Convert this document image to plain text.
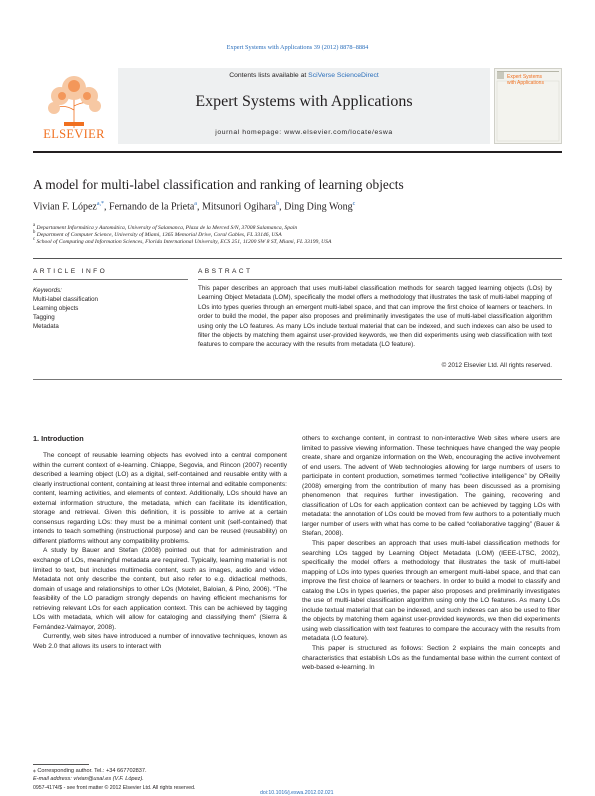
Expert Systems with Applications 39 (2012) 8878–8884
ELSEVIER
Contents lists available at SciVerse ScienceDirect
Expert Systems with Applications
journal homepage: www.elsevier.com/locate/eswa
Expert Systems with Applications
A model for multi-label classification and ranking of learning objects
Vivian F. López$^{a,*}$, Fernando de la Prieta$^a$, Mitsunori Ogihara$^b$, Ding Ding Wong$^c$
$^a$ Departament Informática y Automática, University of Salamanca, Plaza de la Merced S/N, 37008 Salamanca, Spain
$^b$ Department of Computer Science, University of Miami, 1365 Memorial Drive, Coral Gables, FL 33146, USA
$^c$ School of Computing and Information Sciences, Florida International University, ECS 251, 11200 SW 8 ST, Miami, FL 33199, USA
ARTICLE INFO
Keywords:
Multi-label classification
Learning objects
Tagging
Metadata
ABSTRACT
This paper describes an approach that uses multi-label classification methods for search tagged learning objects (LOs) by Learning Object Metadata (LOM), specifically the model offers a methodology that illustrates the task of multi-label mapping of LOs into types queries through an emergent multi-label space, and that can improve the first choice of learners or teachers. In order to build the model, the paper also proposes and preliminarily investigates the use of multi-label classification algorithm using only the LO features. As many LOs include textual material that can be indexed, and such indexes can also be used to filter the objects by matching them against user-provided keywords, we then did experiments using web classification with text features to compare the accuracy with the results from metadata (LO feature).
© 2012 Elsevier Ltd. All rights reserved.
1. Introduction

The concept of reusable learning objects has evolved into a central component within the current context of e-learning. Chiappe, Segovia, and Rincon (2007) recently described a learning object (LO) as a digital, self-contained and reusable entity with a clearly instructional content, containing at least three internal and editable components: content, learning activities, and elements of context. Additionally, LOs should have an external information structure, the metadata, which can facilitate its identification, storage and retrieval. Given this definition, it is possible to arrive at a certain consensus regarding LOs: they must be a minimal content unit (self-contained) that intends to teach something (instructional purpose) and can be reused (reusability) on different platforms without any compatibility problems.

A study by Bauer and Stefan (2008) pointed out that for administration and exchange of LOs, meaningful metadata are required. Typically, learning material is not limited to text, but includes multimedia content, such as images, audio and video. Metadata not only describe the content, but also refer to e.g. didactical methods, domain of usage and relationships to other LOs (Motelet, Baloian, & Pino, 2006). “The feasibility of the LO paradigm strongly depends on having efficient mechanisms for retrieving relevant LOs for each application context. This can be achieved by tagging LOs with metadata, which will allow for cataloging and classifying them” (Sierra & Fernández-Valmayor, 2008).

Currently, web sites have introduced a number of innovative techniques, known as Web 2.0 that allows its users to interact with

others to exchange content, in contrast to non-interactive Web sites where users are limited to passive viewing information. These techniques have changed the way people create, share and organize information on the Web, encouraging the active involvement of end users. The advent of Web technologies allowing for large numbers of users to participate in content production, sometimes termed “collective intelligence” by OReilly (2008) emerging from the contribution of many has been discussed as a promising phenomenon that requires further investigation. The gaining, recovering and classification of LOs for each application context can be achieved by tagging LOs with metadata: the annotation of LOs could be moved from few authors to a potentially much larger number of users with what has come to be called “collaborative tagging” (Bauer & Stefan, 2008).

This paper describes an approach that uses multi-label classification methods for searching LOs tagged by Learning Object Metadata (LOM) (IEEE-LTSC, 2002), specifically the model offers a methodology that illustrates the task of multi-label mapping of LOs into types queries through an emergent multi-label space, and that can improve the first choice of learners or teachers. In order to build a model to classify and catalog the LOs in types queries, the paper also proposes and preliminarily investigates the use of multi-label classification algorithm using only the LO features. As many LOs include textual material that can be indexed, and such indexes can also be used to filter the objects by matching them against user-provided keywords, we then did experiments using web classification with text features to compare the accuracy with the results from metadata (LO feature).

This paper is structured as follows: Section 2 explains the main concepts and characteristics that establish LOs as the fundamental base within the current context of web-based e-learning. In

⁎ Corresponding author. Tel.: +34 667702837.
E-mail address: vivian@usal.es (V.F. López).
0957-4174/$ - see front matter © 2012 Elsevier Ltd. All rights reserved.
doi:10.1016/j.eswa.2012.02.021
